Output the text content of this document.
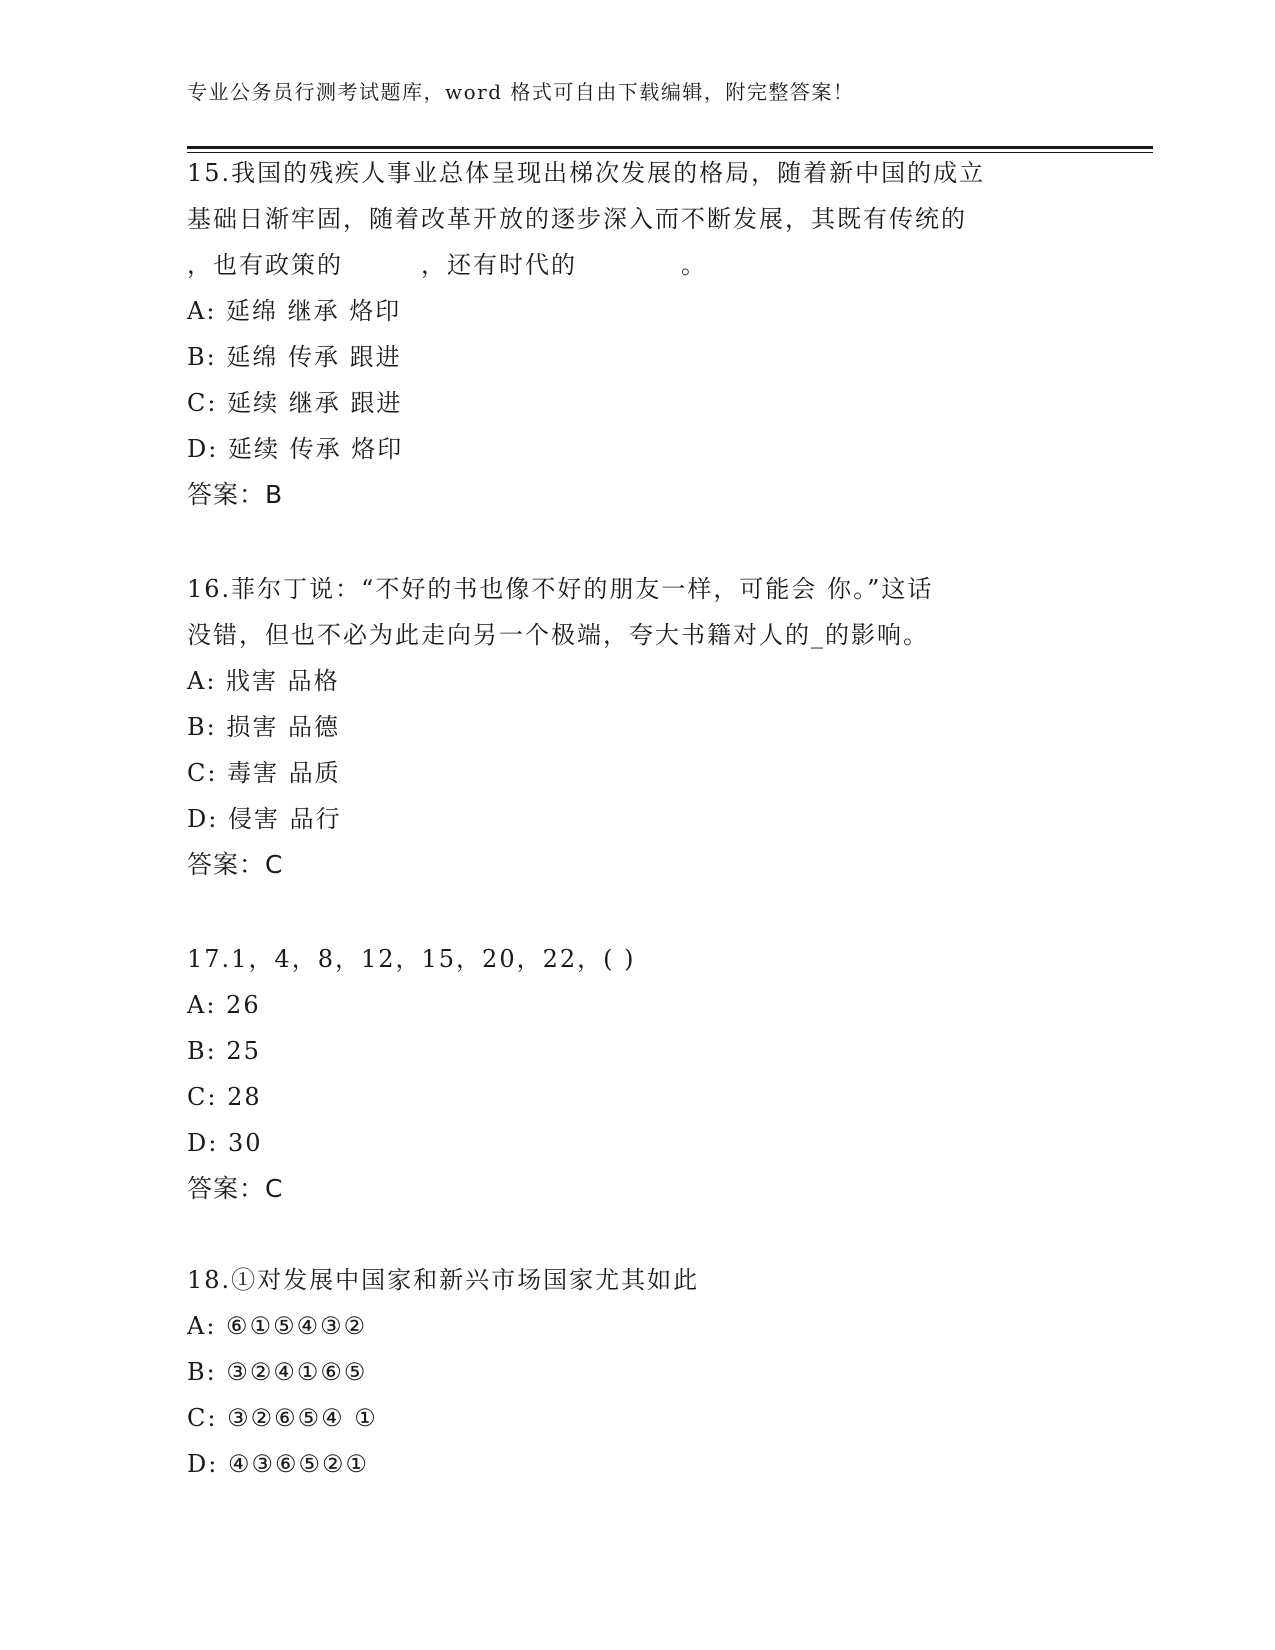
专业公务员行测考试题库，word 格式可自由下载编辑，附完整答案！
15.我国的残疾人事业总体呈现出梯次发展的格局，随着新中国的成立
基础日渐牢固，随着改革开放的逐步深入而不断发展，其既有传统的
，也有政策的　　　，还有时代的　　　　。
A: 延绵 继承 烙印
B: 延绵 传承 跟进
C: 延续 继承 跟进
D: 延续 传承 烙印
答案：B
16.菲尔丁说：“不好的书也像不好的朋友一样，可能会 你。”这话
没错，但也不必为此走向另一个极端，夸大书籍对人的_的影响。
A: 戕害 品格
B: 损害 品德
C: 毒害 品质
D: 侵害 品行
答案：C
17.1，4，8，12，15，20，22，( )
A: 26
B: 25
C: 28
D: 30
答案：C
18.①对发展中国家和新兴市场国家尤其如此
A: ⑥①⑤④③②
B: ③②④①⑥⑤
C: ③②⑥⑤④ ①
D: ④③⑥⑤②①
